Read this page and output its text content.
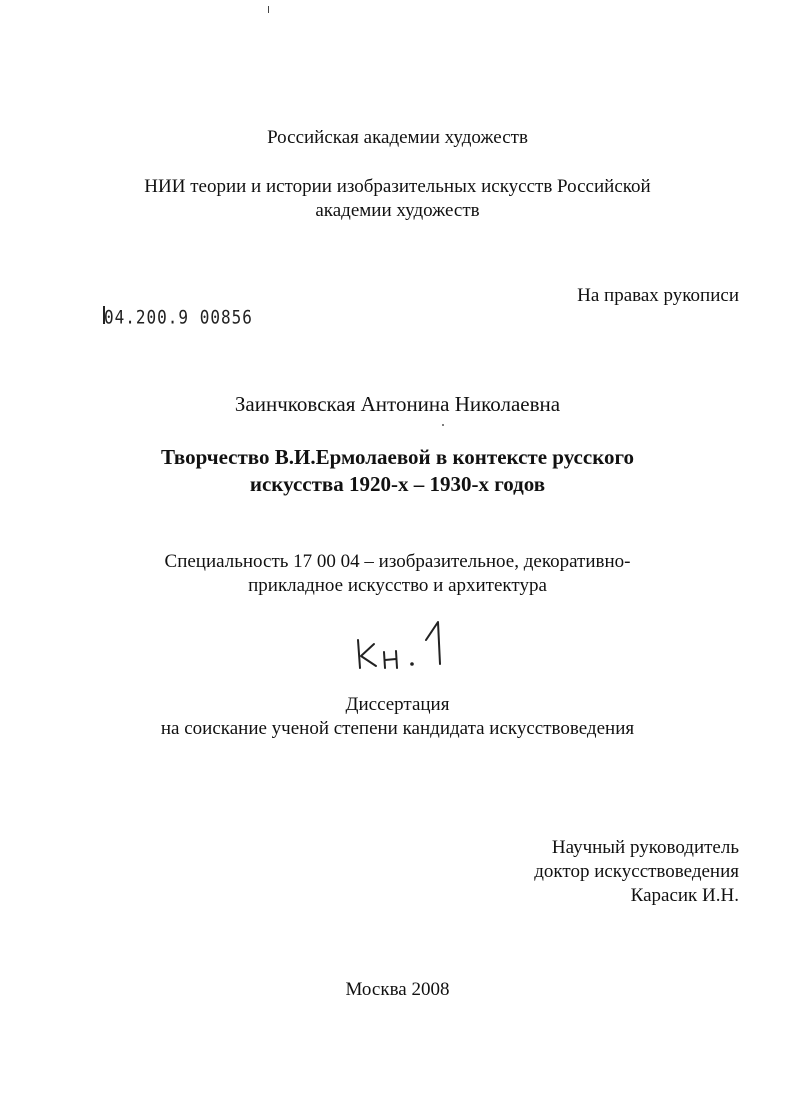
Российская академии художеств
НИИ теории и истории изобразительных искусств Российской
академии художеств
На правах рукописи
04.200.9 00856
Заинчковская Антонина Николаевна
Творчество В.И.Ермолаевой в контексте русского
искусства 1920-х – 1930-х годов
Специальность 17 00 04 – изобразительное, декоративно-
прикладное искусство и архитектура
Диссертация
на соискание ученой степени кандидата искусствоведения
Научный руководитель
доктор искусствоведения
Карасик И.Н.
Москва 2008
